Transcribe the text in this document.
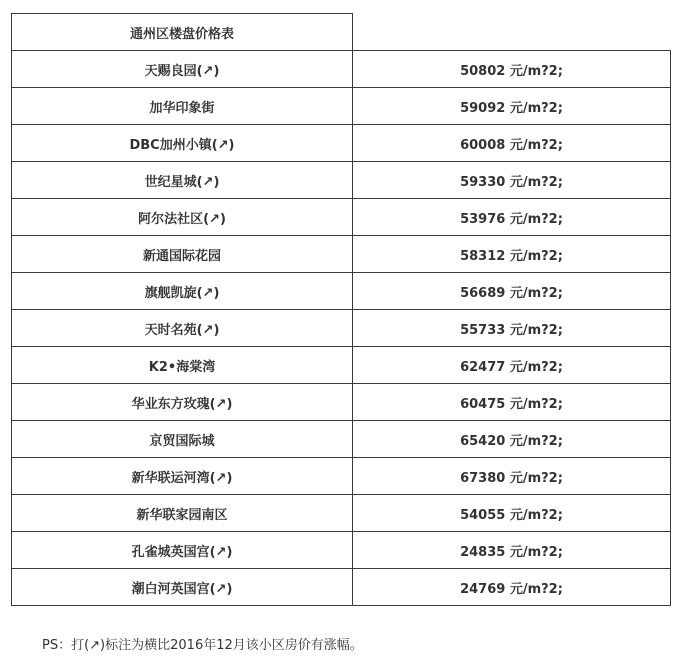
通州区楼盘价格表	
天赐良园(↗)	50802 元/m?2;
加华印象街	59092 元/m?2;
DBC加州小镇(↗)	60008 元/m?2;
世纪星城(↗)	59330 元/m?2;
阿尔法社区(↗)	53976 元/m?2;
新通国际花园	58312 元/m?2;
旗舰凯旋(↗)	56689 元/m?2;
天时名苑(↗)	55733 元/m?2;
K2•海棠湾	62477 元/m?2;
华业东方玫瑰(↗)	60475 元/m?2;
京贸国际城	65420 元/m?2;
新华联运河湾(↗)	67380 元/m?2;
新华联家园南区	54055 元/m?2;
孔雀城英国宫(↗)	24835 元/m?2;
潮白河英国宫(↗)	24769 元/m?2;
PS：打(↗)标注为横比2016年12月该小区房价有涨幅。
